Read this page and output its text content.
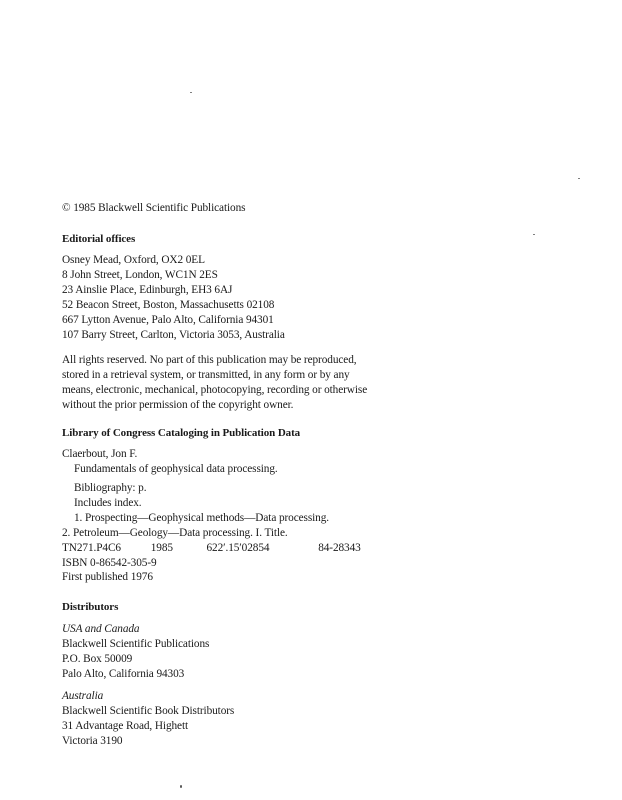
© 1985 Blackwell Scientific Publications
Editorial offices
Osney Mead, Oxford, OX2 0EL
8 John Street, London, WC1N 2ES
23 Ainslie Place, Edinburgh, EH3 6AJ
52 Beacon Street, Boston, Massachusetts 02108
667 Lytton Avenue, Palo Alto, California 94301
107 Barry Street, Carlton, Victoria 3053, Australia
All rights reserved. No part of this publication may be reproduced,
stored in a retrieval system, or transmitted, in any form or by any
means, electronic, mechanical, photocopying, recording or otherwise
without the prior permission of the copyright owner.
Library of Congress Cataloging in Publication Data
Claerbout, Jon F.
Fundamentals of geophysical data processing.
Bibliography: p.
Includes index.
1. Prospecting—Geophysical methods—Data processing.
2. Petroleum—Geology—Data processing. I. Title.
TN271.P4C6	1985	622′.15′02854	84-28343
ISBN 0-86542-305-9
First published 1976
Distributors
USA and Canada
Blackwell Scientific Publications
P.O. Box 50009
Palo Alto, California 94303
Australia
Blackwell Scientific Book Distributors
31 Advantage Road, Highett
Victoria 3190
